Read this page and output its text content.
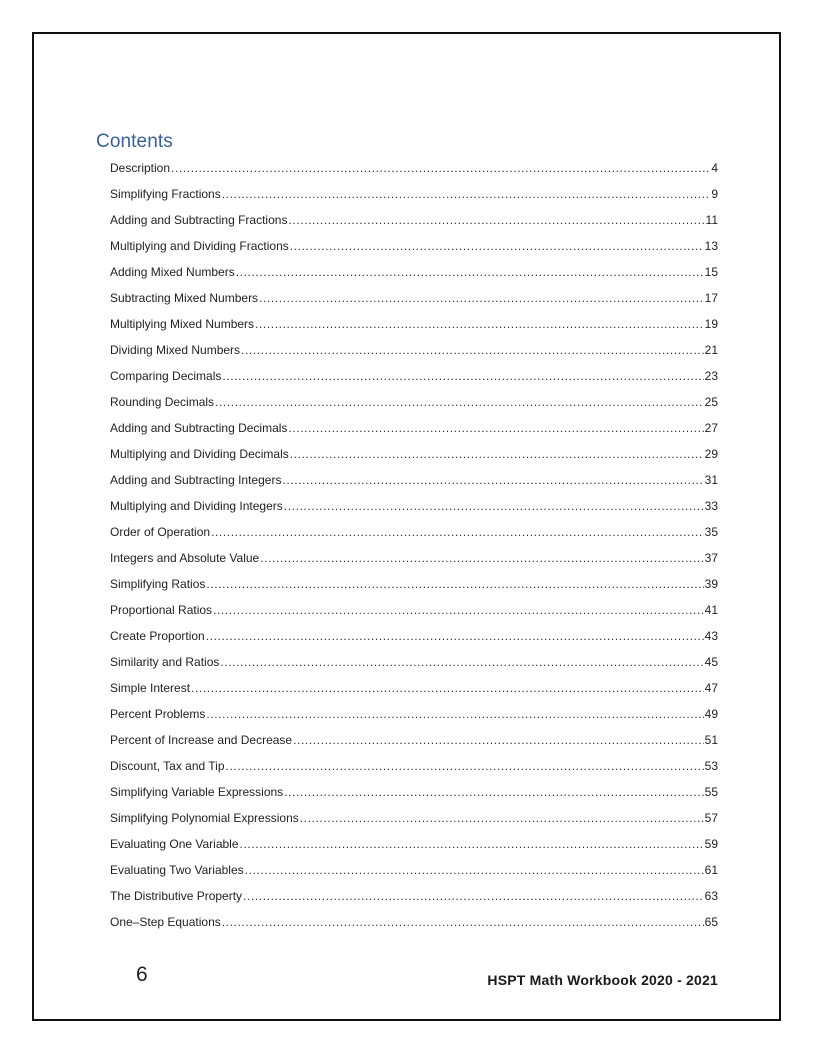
Contents
Description .....	4
Simplifying Fractions .....	9
Adding and Subtracting Fractions .....	11
Multiplying and Dividing Fractions .....	13
Adding Mixed Numbers .....	15
Subtracting Mixed Numbers .....	17
Multiplying Mixed Numbers .....	19
Dividing Mixed Numbers .....	21
Comparing Decimals .....	23
Rounding Decimals .....	25
Adding and Subtracting Decimals .....	27
Multiplying and Dividing Decimals .....	29
Adding and Subtracting Integers .....	31
Multiplying and Dividing Integers .....	33
Order of Operation .....	35
Integers and Absolute Value .....	37
Simplifying Ratios .....	39
Proportional Ratios .....	41
Create Proportion .....	43
Similarity and Ratios .....	45
Simple Interest .....	47
Percent Problems .....	49
Percent of Increase and Decrease .....	51
Discount, Tax and Tip .....	53
Simplifying Variable Expressions .....	55
Simplifying Polynomial Expressions .....	57
Evaluating One Variable .....	59
Evaluating Two Variables .....	61
The Distributive Property .....	63
One–Step Equations .....	65
6	HSPT Math Workbook 2020 - 2021
